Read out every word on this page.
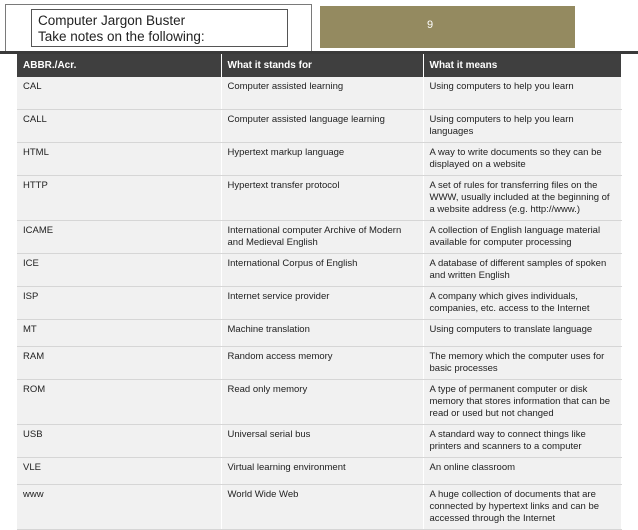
9
Computer Jargon Buster
Take notes on the following:
ABBR./Acr.	What it stands for	What it means
CAL	Computer assisted learning	Using computers to help you learn
CALL	Computer assisted language learning	Using computers to help you learn languages
HTML	Hypertext markup language	A way to write documents so they can be displayed on a website
HTTP	Hypertext transfer protocol	A set of rules for transferring files on the WWW, usually included at the beginning of a website address (e.g. http://www.)
ICAME	International computer Archive of Modern and Medieval English	A collection of English language material available for computer processing
ICE	International Corpus of English	A database of different samples of spoken and written English
ISP	Internet service provider	A company which gives individuals, companies, etc. access to the Internet
MT	Machine translation	Using computers to translate language
RAM	Random access memory	The memory which the computer uses for basic processes
ROM	Read only memory	A type of permanent computer or disk memory that stores information that can be read or used but not changed
USB	Universal serial bus	A standard way to connect things like printers and scanners to a computer
VLE	Virtual learning environment	An online classroom
www	World Wide Web	A huge collection of documents that are connected by hypertext links and can be accessed through the Internet
